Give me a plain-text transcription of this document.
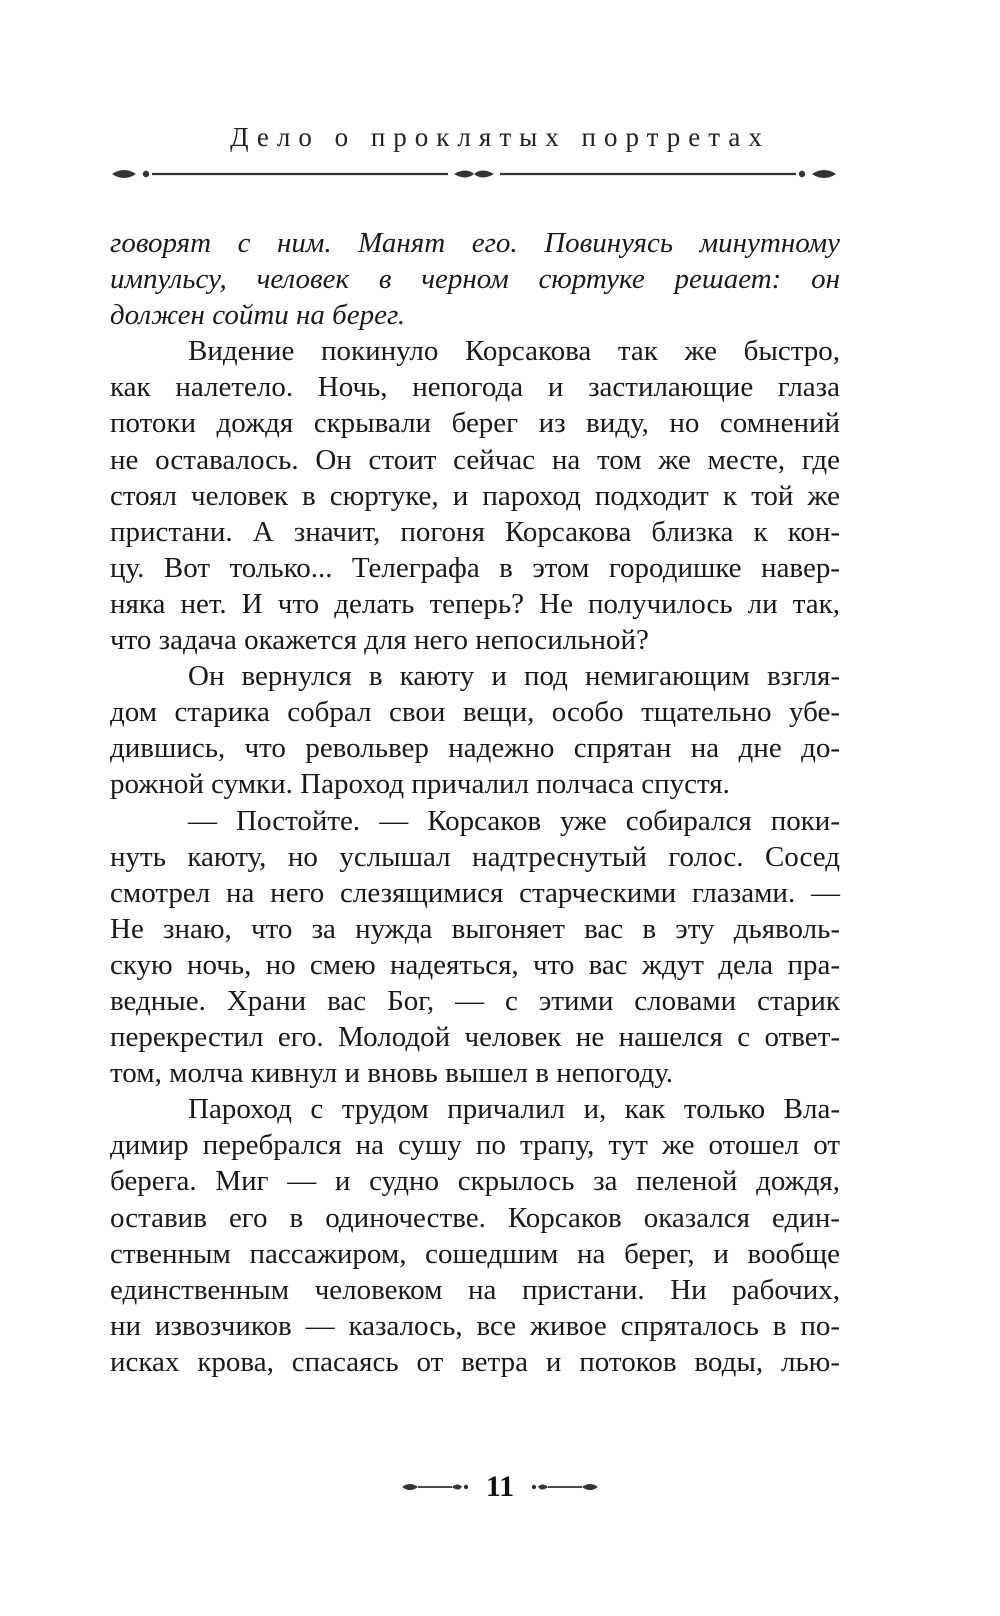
Дело о проклятых портретах
говорят с ним. Манят его. Повинуясь минутному
импульсу, человек в черном сюртуке решает: он
должен сойти на берег.
Видение покинуло Корсакова так же быстро,
как налетело. Ночь, непогода и застилающие глаза
потоки дождя скрывали берег из виду, но сомнений
не оставалось. Он стоит сейчас на том же месте, где
стоял человек в сюртуке, и пароход подходит к той же
пристани. А значит, погоня Корсакова близка к кон-
цу. Вот только... Телеграфа в этом городишке навер-
няка нет. И что делать теперь? Не получилось ли так,
что задача окажется для него непосильной?
Он вернулся в каюту и под немигающим взгля-
дом старика собрал свои вещи, особо тщательно убе-
дившись, что револьвер надежно спрятан на дне до-
рожной сумки. Пароход причалил полчаса спустя.
— Постойте. — Корсаков уже собирался поки-
нуть каюту, но услышал надтреснутый голос. Сосед
смотрел на него слезящимися старческими глазами. —
Не знаю, что за нужда выгоняет вас в эту дьяволь-
скую ночь, но смею надеяться, что вас ждут дела пра-
ведные. Храни вас Бог, — с этими словами старик
перекрестил его. Молодой человек не нашелся с ответ-
том, молча кивнул и вновь вышел в непогоду.
Пароход с трудом причалил и, как только Вла-
димир перебрался на сушу по трапу, тут же отошел от
берега. Миг — и судно скрылось за пеленой дождя,
оставив его в одиночестве. Корсаков оказался един-
ственным пассажиром, сошедшим на берег, и вообще
единственным человеком на пристани. Ни рабочих,
ни извозчиков — казалось, все живое спряталось в по-
исках крова, спасаясь от ветра и потоков воды, лью-
11
